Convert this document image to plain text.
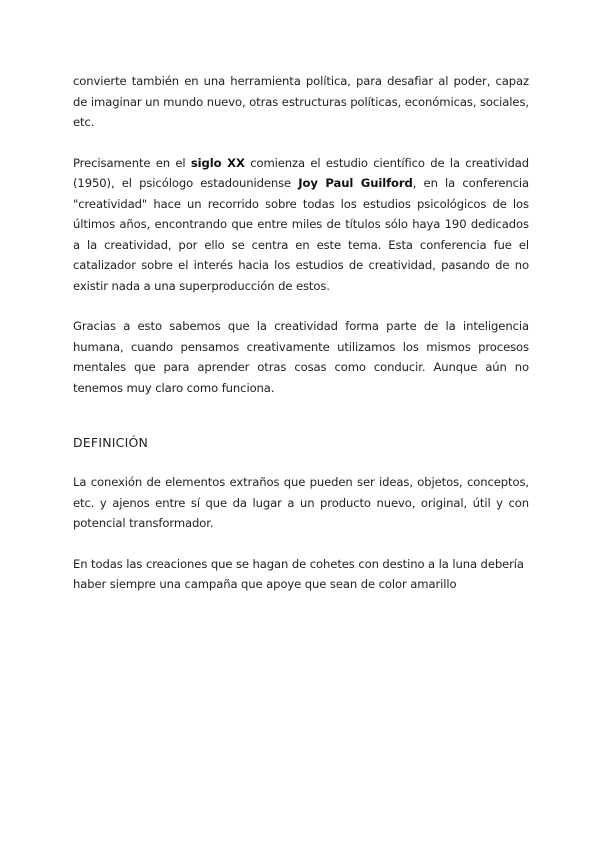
convierte también en una herramienta política, para desafiar al poder, capaz de imaginar un mundo nuevo, otras estructuras políticas, económicas, sociales, etc.

Precisamente en el siglo XX comienza el estudio científico de la creatividad (1950), el psicólogo estadounidense Joy Paul Guilford, en la conferencia "creatividad" hace un recorrido sobre todas los estudios psicológicos de los últimos años, encontrando que entre miles de títulos sólo haya 190 dedicados a la creatividad, por ello se centra en este tema. Esta conferencia fue el catalizador sobre el interés hacia los estudios de creatividad, pasando de no existir nada a una superproducción de estos.

Gracias a esto sabemos que la creatividad forma parte de la inteligencia humana, cuando pensamos creativamente utilizamos los mismos procesos mentales que para aprender otras cosas como conducir. Aunque aún no tenemos muy claro como funciona.

DEFINICIÓN

La conexión de elementos extraños que pueden ser ideas, objetos, conceptos, etc. y ajenos entre sí que da lugar a un producto nuevo, original, útil y con potencial transformador.

En todas las creaciones que se hagan de cohetes con destino a la luna debería haber siempre una campaña que apoye que sean de color amarillo
